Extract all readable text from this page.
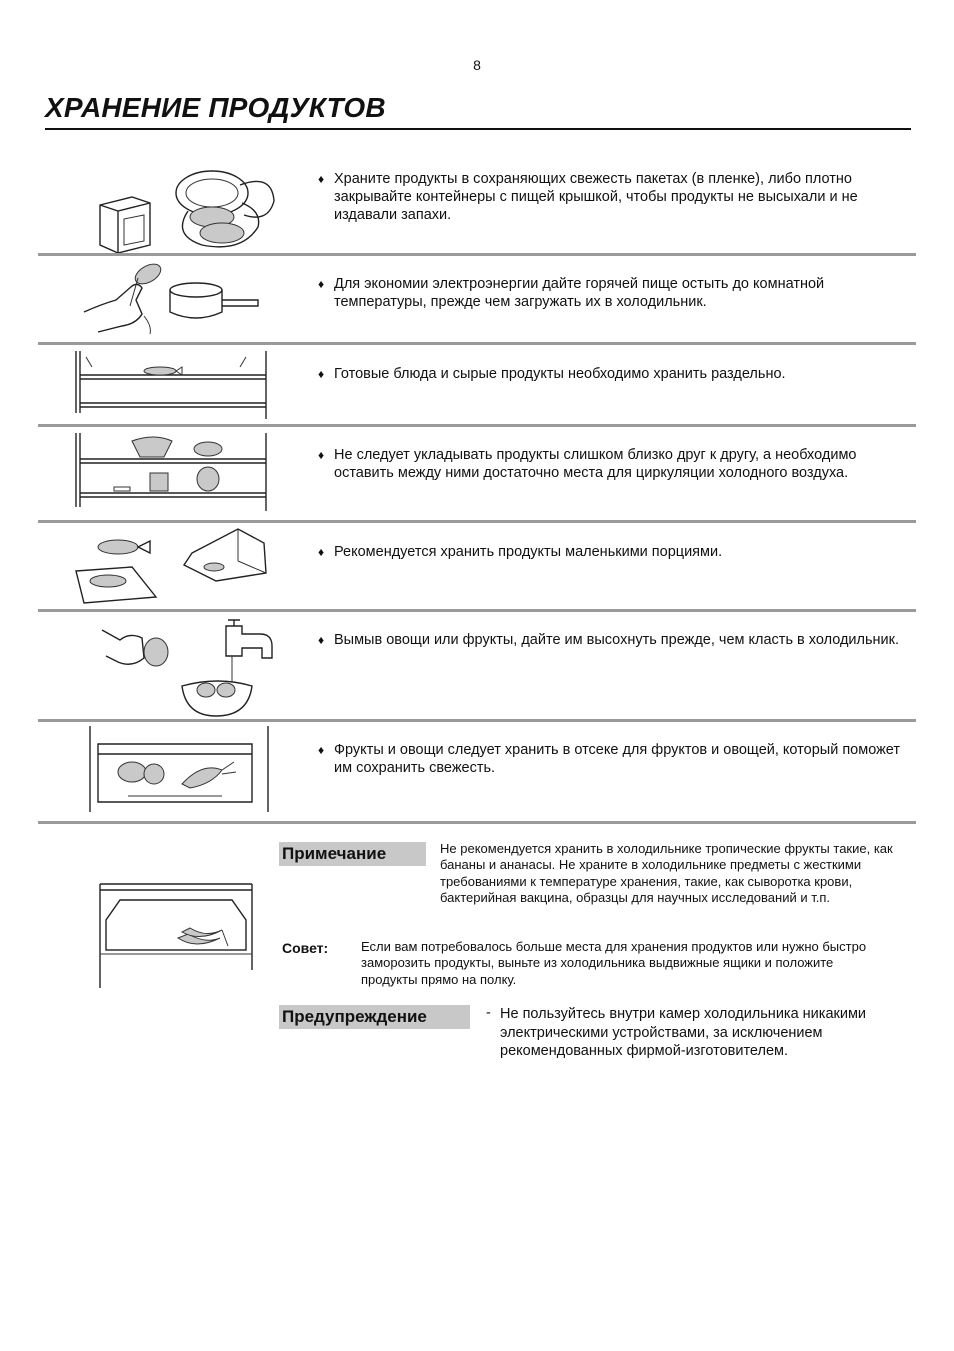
8
ХРАНЕНИЕ ПРОДУКТОВ
♦ Храните продукты в сохраняющих свежесть пакетах (в пленке), либо плотно закрывайте контейнеры с пищей крышкой, чтобы продукты не высыхали и не издавали запахи.
♦ Для экономии электроэнергии дайте горячей пище остыть до комнатной температуры, прежде чем загружать их в холодильник.
♦ Готовые блюда и сырые продукты необходимо хранить раздельно.
♦ Не следует укладывать продукты слишком близко друг к другу, а необходимо оставить между ними достаточно места для циркуляции холодного воздуха.
♦ Рекомендуется хранить продукты маленькими порциями.
♦ Вымыв овощи или фрукты, дайте им высохнуть прежде, чем класть в холодильник.
♦ Фрукты и овощи следует хранить в отсеке для фруктов и овощей, который поможет им сохранить свежесть.
Примечание	Не рекомендуется хранить в холодильнике тропические фрукты такие, как бананы и ананасы. Не храните в холодильнике предметы с жесткими требованиями к температуре хранения, такие, как сыворотка крови, бактерийная вакцина, образцы для научных исследований и т.п.
Совет:	Если вам потребовалось больше места для хранения продуктов или нужно быстро заморозить продукты, выньте из холодильника выдвижные ящики и положите продукты прямо на полку.
Предупреждение	- Не пользуйтесь внутри камер холодильника никакими электрическими устройствами, за исключением рекомендованных фирмой-изготовителем.
